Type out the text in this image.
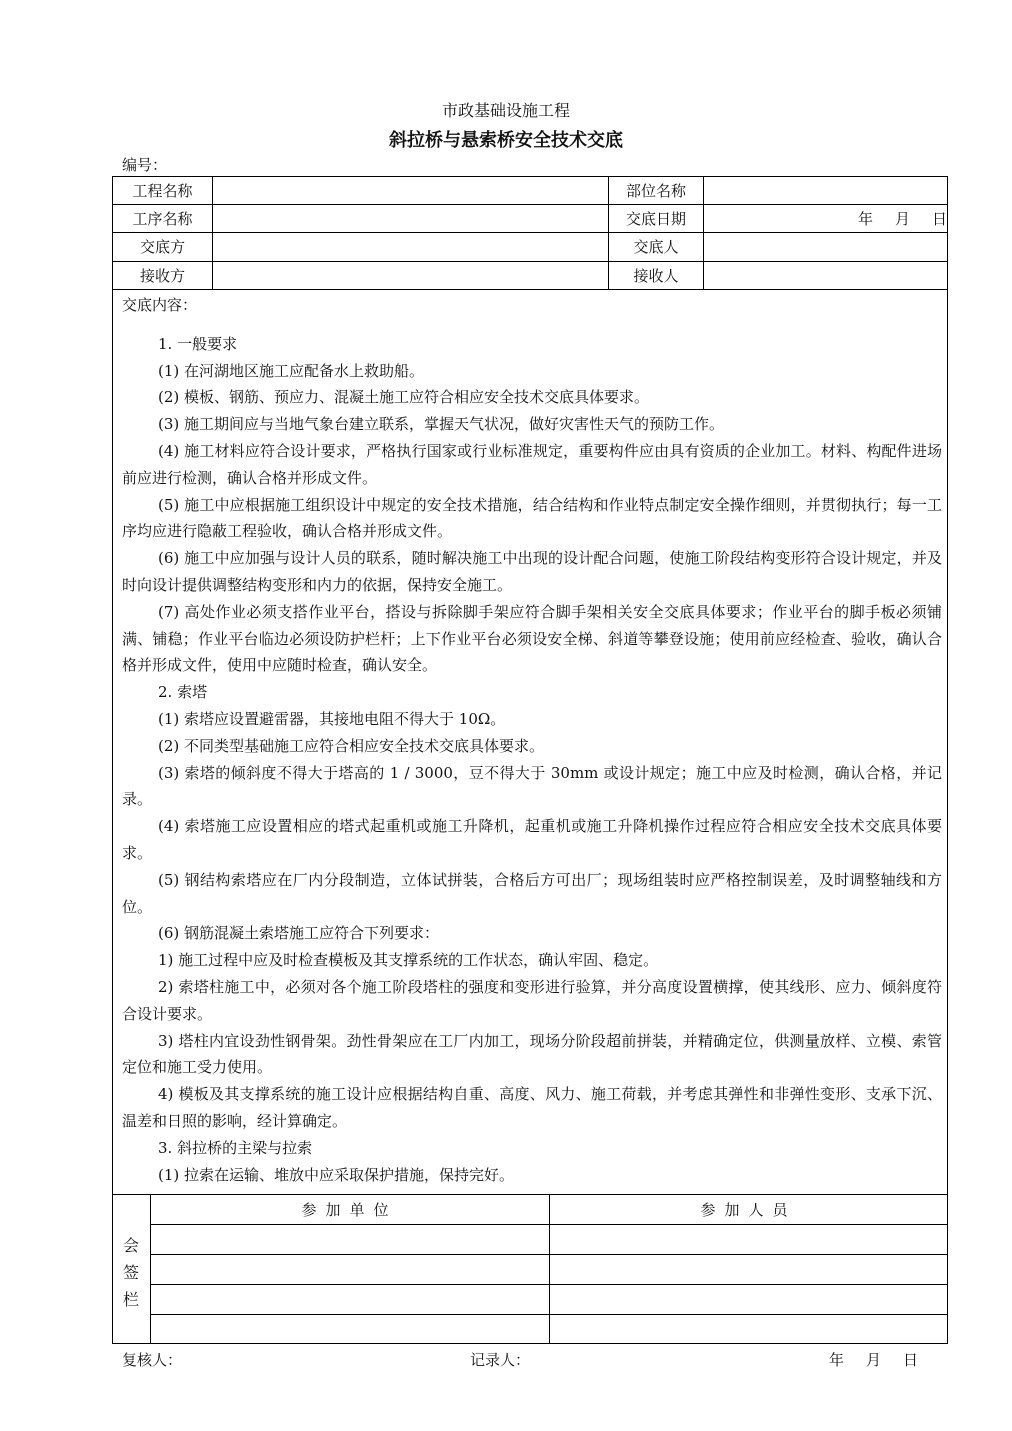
市政基础设施工程
斜拉桥与悬索桥安全技术交底
编号：
工程名称	部位名称
工序名称	交底日期	年 月 日
交底方	交底人
接收方	接收人
交底内容：

1. 一般要求

(1) 在河湖地区施工应配备水上救助船。

(2) 模板、钢筋、预应力、混凝土施工应符合相应安全技术交底具体要求。

(3) 施工期间应与当地气象台建立联系，掌握天气状况，做好灾害性天气的预防工作。

(4) 施工材料应符合设计要求，严格执行国家或行业标准规定，重要构件应由具有资质的企业加工。材料、构配件进场前应进行检测，确认合格并形成文件。

(5) 施工中应根据施工组织设计中规定的安全技术措施，结合结构和作业特点制定安全操作细则，并贯彻执行；每一工序均应进行隐蔽工程验收，确认合格并形成文件。

(6) 施工中应加强与设计人员的联系，随时解决施工中出现的设计配合问题，使施工阶段结构变形符合设计规定，并及时向设计提供调整结构变形和内力的依据，保持安全施工。

(7) 高处作业必须支搭作业平台，搭设与拆除脚手架应符合脚手架相关安全交底具体要求；作业平台的脚手板必须铺满、铺稳；作业平台临边必须设防护栏杆；上下作业平台必须设安全梯、斜道等攀登设施；使用前应经检查、验收，确认合格并形成文件，使用中应随时检查，确认安全。

2. 索塔

(1) 索塔应设置避雷器，其接地电阻不得大于 10Ω。

(2) 不同类型基础施工应符合相应安全技术交底具体要求。

(3) 索塔的倾斜度不得大于塔高的 1 / 3000，豆不得大于 30mm 或设计规定；施工中应及时检测，确认合格，并记录。

(4) 索塔施工应设置相应的塔式起重机或施工升降机，起重机或施工升降机操作过程应符合相应安全技术交底具体要求。

(5) 钢结构索塔应在厂内分段制造，立体试拼装，合格后方可出厂；现场组装时应严格控制误差，及时调整轴线和方位。

(6) 钢筋混凝土索塔施工应符合下列要求：

1) 施工过程中应及时检查模板及其支撑系统的工作状态，确认牢固、稳定。

2) 索塔柱施工中，必须对各个施工阶段塔柱的强度和变形进行验算，并分高度设置横撑，使其线形、应力、倾斜度符合设计要求。

3) 塔柱内宜设劲性钢骨架。劲性骨架应在工厂内加工，现场分阶段超前拼装，并精确定位，供测量放样、立模、索管定位和施工受力使用。

4) 模板及其支撑系统的施工设计应根据结构自重、高度、风力、施工荷载，并考虑其弹性和非弹性变形、支承下沉、温差和日照的影响，经计算确定。

3. 斜拉桥的主梁与拉索

(1) 拉索在运输、堆放中应采取保护措施，保持完好。

会
签
栏
参加单位	参加人员
复核人：	记录人：	年 月 日
